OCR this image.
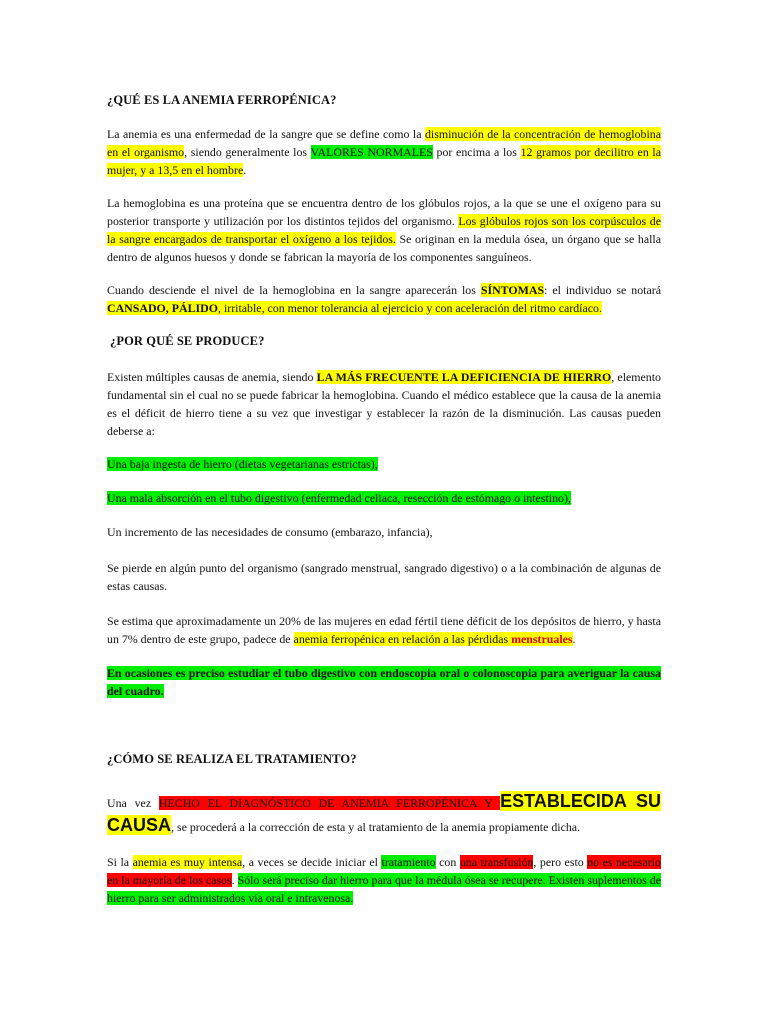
¿QUÉ ES LA ANEMIA FERROPÉNICA?
La anemia es una enfermedad de la sangre que se define como la disminución de la concentración de hemoglobina en el organismo, siendo generalmente los VALORES NORMALES por encima a los 12 gramos por decilitro en la mujer, y a 13,5 en el hombre.
La hemoglobina es una proteína que se encuentra dentro de los glóbulos rojos, a la que se une el oxígeno para su posterior transporte y utilización por los distintos tejidos del organismo. Los glóbulos rojos son los corpúsculos de la sangre encargados de transportar el oxígeno a los tejidos. Se originan en la medula ósea, un órgano que se halla dentro de algunos huesos y donde se fabrican la mayoría de los componentes sanguíneos.
Cuando desciende el nivel de la hemoglobina en la sangre aparecerán los SÍNTOMAS: el individuo se notará CANSADO, PÁLIDO, irritable, con menor tolerancia al ejercicio y con aceleración del ritmo cardíaco.
¿POR QUÉ SE PRODUCE?
Existen múltiples causas de anemia, siendo LA MÁS FRECUENTE LA DEFICIENCIA DE HIERRO, elemento fundamental sin el cual no se puede fabricar la hemoglobina. Cuando el médico establece que la causa de la anemia es el déficit de hierro tiene a su vez que investigar y establecer la razón de la disminución. Las causas pueden deberse a:
Una baja ingesta de hierro (dietas vegetarianas estrictas),
Una mala absorción en el tubo digestivo (enfermedad celiaca, resección de estómago o intestino),
Un incremento de las necesidades de consumo (embarazo, infancia),
Se pierde en algún punto del organismo (sangrado menstrual, sangrado digestivo) o a la combinación de algunas de estas causas.
Se estima que aproximadamente un 20% de las mujeres en edad fértil tiene déficit de los depósitos de hierro, y hasta un 7% dentro de este grupo, padece de anemia ferropénica en relación a las pérdidas menstruales.
En ocasiones es preciso estudiar el tubo digestivo con endoscopia oral o colonoscopia para averiguar la causa del cuadro.
¿CÓMO SE REALIZA EL TRATAMIENTO?
Una vez HECHO EL DIAGNÓSTICO DE ANEMIA FERROPÉNICA Y ESTABLECIDA SU CAUSA, se procederá a la corrección de esta y al tratamiento de la anemia propiamente dicha.
Si la anemia es muy intensa, a veces se decide iniciar el tratamiento con una transfusión, pero esto no es necesario en la mayoría de los casos. Sólo será preciso dar hierro para que la médula ósea se recupere. Existen suplementos de hierro para ser administrados vía oral e intravenosa.
